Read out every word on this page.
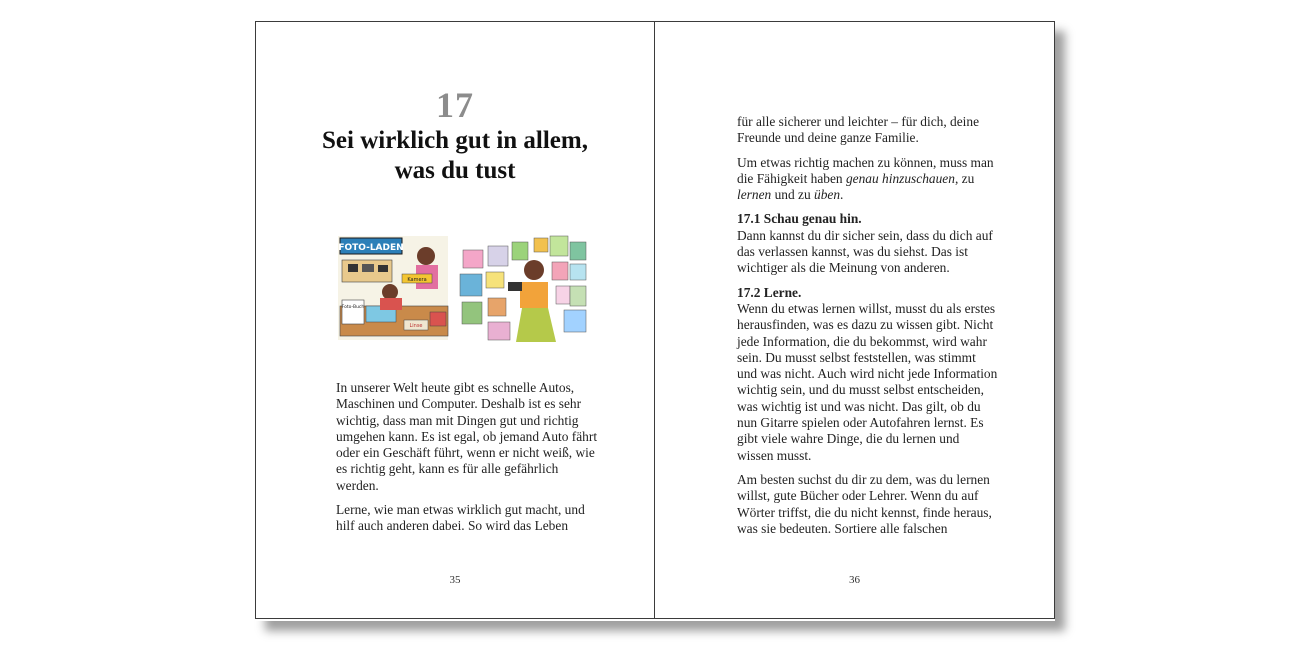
17
Sei wirklich gut in allem,
was du tust
FOTO-LADEN
Kamera
Foto-Buch
Linse

In unserer Welt heute gibt es schnelle Autos, Maschinen und Computer. Deshalb ist es sehr wichtig, dass man mit Dingen gut und richtig umgehen kann. Es ist egal, ob jemand Auto fährt oder ein Geschäft führt, wenn er nicht weiß, wie es richtig geht, kann es für alle gefährlich werden.

Lerne, wie man etwas wirklich gut macht, und hilf auch anderen dabei. So wird das Leben

35

für alle sicherer und leichter – für dich, deine Freunde und deine ganze Familie.

Um etwas richtig machen zu können, muss man die Fähigkeit haben genau hinzuschauen, zu lernen und zu üben.

17.1 Schau genau hin.
Dann kannst du dir sicher sein, dass du dich auf das verlassen kannst, was du siehst. Das ist wichtiger als die Meinung von anderen.

17.2 Lerne.
Wenn du etwas lernen willst, musst du als erstes herausfinden, was es dazu zu wissen gibt. Nicht jede Information, die du bekommst, wird wahr sein. Du musst selbst feststellen, was stimmt und was nicht. Auch wird nicht jede Information wichtig sein, und du musst selbst entscheiden, was wichtig ist und was nicht. Das gilt, ob du nun Gitarre spielen oder Autofahren lernst. Es gibt viele wahre Dinge, die du lernen und wissen musst.

Am besten suchst du dir zu dem, was du lernen willst, gute Bücher oder Lehrer. Wenn du auf Wörter triffst, die du nicht kennst, finde heraus, was sie bedeuten. Sortiere alle falschen

36
